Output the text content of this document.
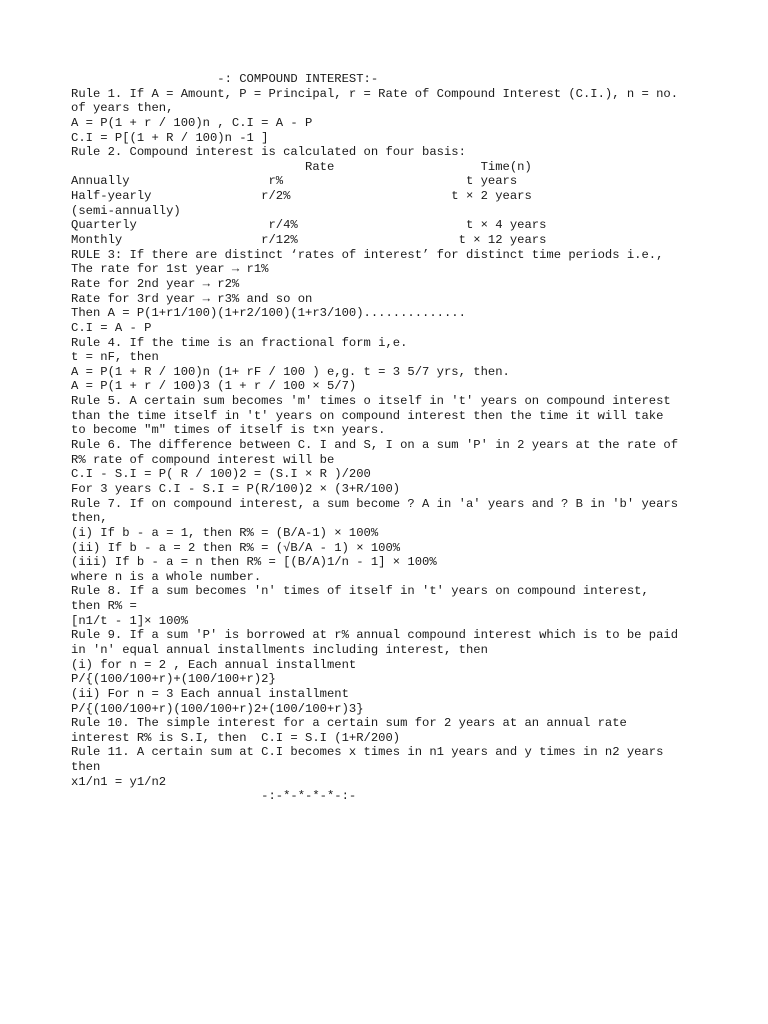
-: COMPOUND INTEREST:-
Rule 1. If A = Amount, P = Principal, r = Rate of Compound Interest (C.I.), n = no.
of years then,
A = P(1 + r / 100)n , C.I = A - P
C.I = P[(1 + R / 100)n -1 ]
Rule 2. Compound interest is calculated on four basis:
Rate                    Time(n)
Annually                   r%                         t years
Half-yearly               r/2%                      t × 2 years
(semi-annually)
Quarterly                  r/4%                       t × 4 years
Monthly                   r/12%                      t × 12 years
RULE 3: If there are distinct ‘rates of interest’ for distinct time periods i.e.,
The rate for 1st year → r1%
Rate for 2nd year → r2%
Rate for 3rd year → r3% and so on
Then A = P(1+r1/100)(1+r2/100)(1+r3/100)..............
C.I = A - P
Rule 4. If the time is an fractional form i,e.
t = nF, then
A = P(1 + R / 100)n (1+ rF / 100 ) e,g. t = 3 5/7 yrs, then.
A = P(1 + r / 100)3 (1 + r / 100 × 5/7)
Rule 5. A certain sum becomes 'm' times o itself in 't' years on compound interest
than the time itself in 't' years on compound interest then the time it will take
to become "m" times of itself is t×n years.
Rule 6. The difference between C. I and S, I on a sum 'P' in 2 years at the rate of
R% rate of compound interest will be
C.I - S.I = P( R / 100)2 = (S.I × R )/200
For 3 years C.I - S.I = P(R/100)2 × (3+R/100)
Rule 7. If on compound interest, a sum become ? A in 'a' years and ? B in 'b' years
then,
(i) If b - a = 1, then R% = (B/A-1) × 100%
(ii) If b - a = 2 then R% = (√B/A - 1) × 100%
(iii) If b - a = n then R% = [(B/A)1/n - 1] × 100%
where n is a whole number.
Rule 8. If a sum becomes 'n' times of itself in 't' years on compound interest,
then R% =
[n1/t - 1]× 100%
Rule 9. If a sum 'P' is borrowed at r% annual compound interest which is to be paid
in 'n' equal annual installments including interest, then
(i) for n = 2 , Each annual installment
P/{(100/100+r)+(100/100+r)2}
(ii) For n = 3 Each annual installment
P/{(100/100+r)(100/100+r)2+(100/100+r)3}
Rule 10. The simple interest for a certain sum for 2 years at an annual rate
interest R% is S.I, then  C.I = S.I (1+R/200)
Rule 11. A certain sum at C.I becomes x times in n1 years and y times in n2 years
then
x1/n1 = y1/n2
-:-*-*-*-*-:-
